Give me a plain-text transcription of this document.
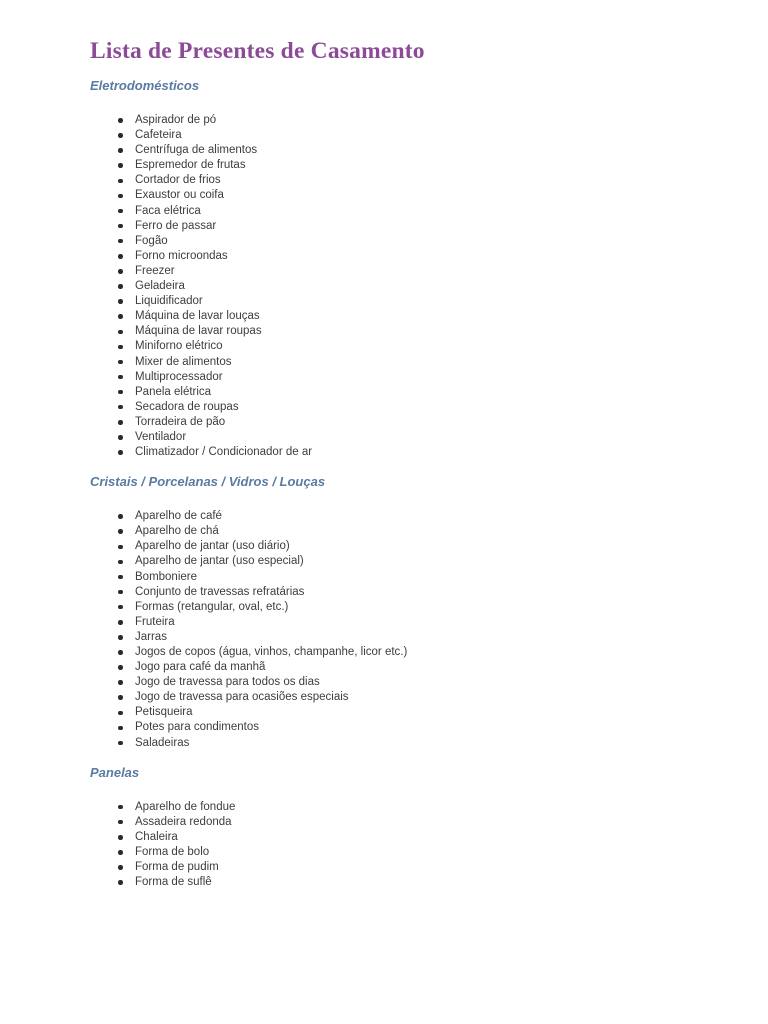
Lista de Presentes de Casamento
Eletrodomésticos
Aspirador de pó
Cafeteira
Centrífuga de alimentos
Espremedor de frutas
Cortador de frios
Exaustor ou coifa
Faca elétrica
Ferro de passar
Fogão
Forno microondas
Freezer
Geladeira
Liquidificador
Máquina de lavar louças
Máquina de lavar roupas
Miniforno elétrico
Mixer de alimentos
Multiprocessador
Panela elétrica
Secadora de roupas
Torradeira de pão
Ventilador
Climatizador / Condicionador de ar
Cristais / Porcelanas / Vidros / Louças
Aparelho de café
Aparelho de chá
Aparelho de jantar (uso diário)
Aparelho de jantar (uso especial)
Bomboniere
Conjunto de travessas refratárias
Formas (retangular, oval, etc.)
Fruteira
Jarras
Jogos de copos (água, vinhos, champanhe, licor etc.)
Jogo para café da manhã
Jogo de travessa para todos os dias
Jogo de travessa para ocasiões especiais
Petisqueira
Potes para condimentos
Saladeiras
Panelas
Aparelho de fondue
Assadeira redonda
Chaleira
Forma de bolo
Forma de pudim
Forma de suflê
